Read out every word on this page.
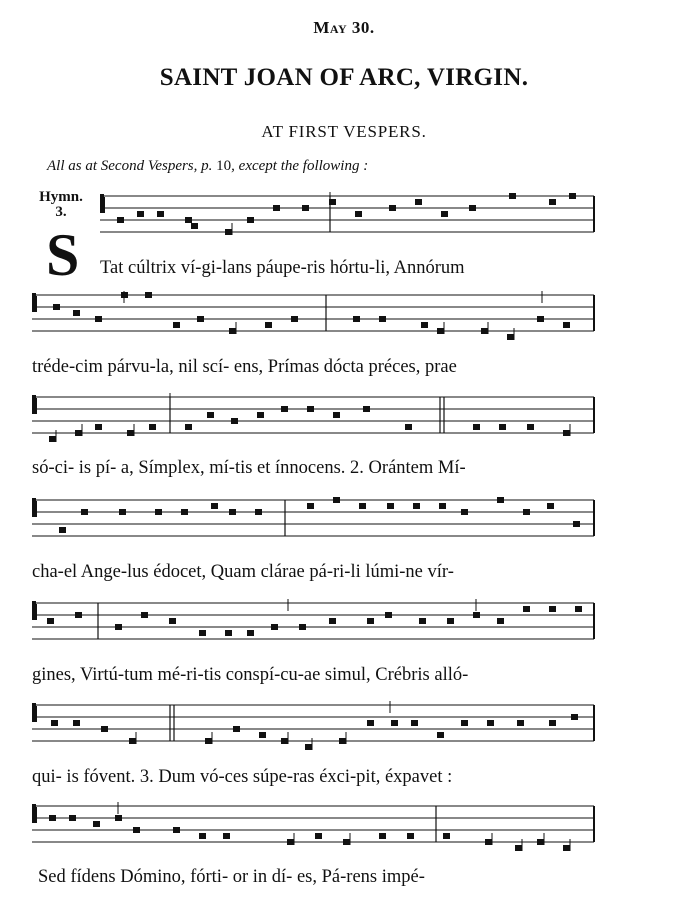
May 30.
SAINT JOAN OF ARC, VIRGIN.
AT FIRST VESPERS.
All as at Second Vespers, p. 10, except the following :
Hymn.
3.
S Tat cúltrix ví-gi-lans páupe-ris hórtu-li, Annórum
tréde-cim párvu-la, nil scí- ens, Prímas dócta préces, prae
só-ci- is pí- a, Símplex, mí-tis et ínnocens. 2. Orántem Mí-
cha-el Ange-lus édocet, Quam clárae pá-ri-li lúmi-ne vír-
gines, Virtú-tum mé-ri-tis conspí-cu-ae simul, Crébris alló-
qui- is fóvent. 3. Dum vó-ces súpe-ras éxci-pit, éxpavet :
Sed fídens Dómino, fórti- or in dí- es, Pá-rens impé-
